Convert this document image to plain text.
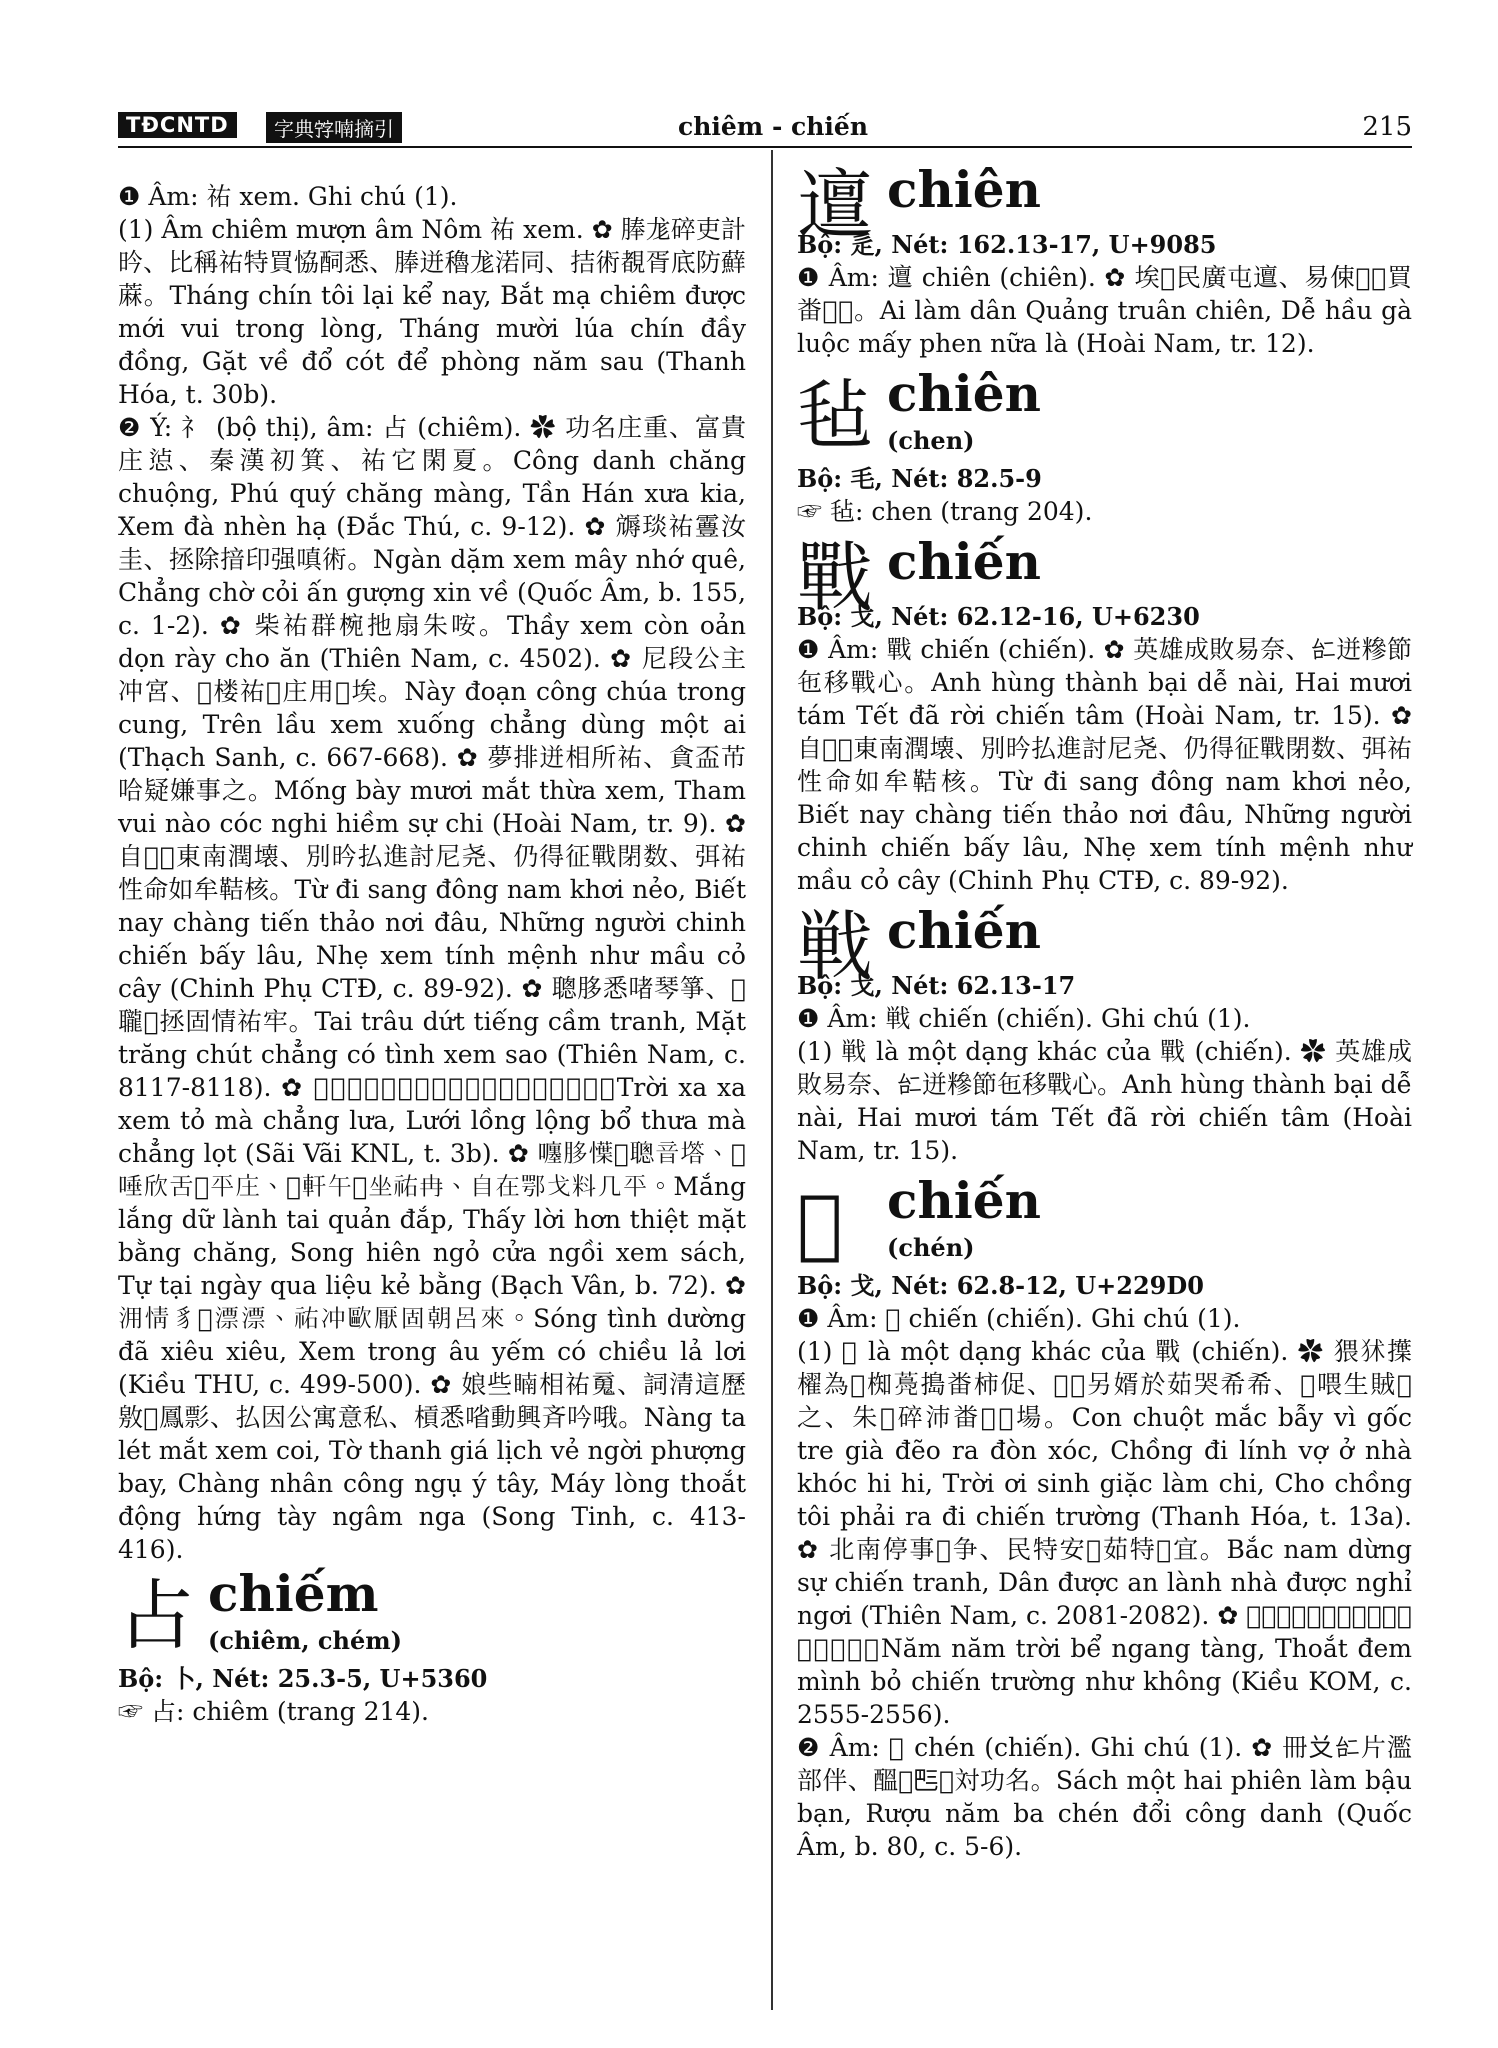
TĐCNTD	字典𡨸喃摘引	chiêm - chiến	215

❶ Âm: 祐 xem. Ghi chú (1).

(1) Âm chiêm mượn âm Nôm 祐 xem. ✿ 䏾尨碎吏計昑、比稱祐特買恊䣳悉、䏾迸穭尨渃同、拮術覩胥底防蘚蔴。Tháng chín tôi lại kể nay, Bắt mạ chiêm được mới vui trong lòng, Tháng mười lúa chín đầy đồng, Gặt về đổ cót để phòng năm sau (Thanh Hóa, t. 30b).

❷ Ý: 礻 (bộ thị), âm: 占 (chiêm). ✿ 功名庄重、富貴庄惉、秦漢初箕、祐它閑夏。Công danh chăng chuộng, Phú quý chăng màng, Tần Hán xưa kia, Xem đà nhèn hạ (Đắc Thú, c. 9-12). ✿ 䢇琰祐霻汝圭、拯除揞印强嗔術。Ngàn dặm xem mây nhớ quê, Chẳng chờ cỏi ấn gượng xin về (Quốc Âm, b. 155, c. 1-2). ✿ 柴祐群椀扡扇朱咹。Thầy xem còn oản dọn rày cho ăn (Thiên Nam, c. 4502). ✿ 尼段公主冲宮、𨕭楼祐𠀲庄用𠬠埃。Này đoạn công chúa trong cung, Trên lầu xem xuống chẳng dùng một ai (Thạch Sanh, c. 667-668). ✿ 夢排迸相所祐、貪盃芇哈疑嫌事之。Mống bày mươi mắt thừa xem, Tham vui nào cóc nghi hiềm sự chi (Hoài Nam, tr. 9). ✿ 自𧼋𨖅東南潤壊、別昑払進討尼尧、仍得征戰閉数、弭祐性命如牟鞊核。Từ đi sang đông nam khơi nẻo, Biết nay chàng tiến thảo nơi đâu, Những người chinh chiến bấy lâu, Nhẹ xem tính mệnh như mầu cỏ cây (Chinh Phụ CTĐ, c. 89-92). ✿ 聰䏧悉啫琴箏、𪵅䏊𦛿拯固情祐牢。Tai trâu dứt tiếng cầm tranh, Mặt trăng chút chẳng có tình xem sao (Thiên Nam, c. 8117-8118). ✿ 𡗶賖賖祐𤊧麻庄𢥈、綑𣳔𣳔𥹰踈麻庄𠻀。Trời xa xa xem tỏ mà chẳng lưa, Lưới lồng lộng bổ thưa mà chẳng lọt (Sãi Vãi KNL, t. 3b). ✿ 𡃚䏧𢢲𤀖聰音㙮、𠓀唾欣舌𪵅平庄、𡫡軒午𠛌坐祐冉、自在鄂戈料几平。Mắng lắng dữ lành tai quản đắp, Thấy lời hơn thiệt mặt bằng chăng, Song hiên ngỏ cửa ngồi xem sách, Tự tại ngày qua liệu kẻ bằng (Bạch Vân, b. 72). ✿ 𣳔情豸𢴑漂漂、祐冲歐厭固朝呂來。Sóng tình dường đã xiêu xiêu, Xem trong âu yếm có chiều lả lơi (Kiều THU, c. 499-500). ✿ 娘些𥈶相祐䰟、詞清這歷敫𤇊鳳彯、払因公寓意私、槓悉㗂動興斉吟哦。Nàng ta lét mắt xem coi, Tờ thanh giá lịch vẻ ngời phượng bay, Chàng nhân công ngụ ý tây, Máy lòng thoắt động hứng tày ngâm nga (Song Tinh, c. 413-416).

占 chiếm
(chiêm, chém)

Bộ: 卜, Nét: 25.3-5, U+5360

☞ 占: chiêm (trang 214).

邅 chiên

Bộ: 辵, Nét: 162.13-17, U+9085

❶ Âm: 邅 chiên (chiên). ✿ 埃𡗉民廣屯邅、易㑛𪃿𤑟買畨𢀭𡀍。Ai làm dân Quảng truân chiên, Dễ hầu gà luộc mấy phen nữa là (Hoài Nam, tr. 12).

毡 chiên
(chen)

Bộ: 毛, Nét: 82.5-9

☞ 毡: chen (trang 204).

戰 chiến

Bộ: 戈, Nét: 62.12-16, U+6230

❶ Âm: 戰 chiến (chiến). ✿ 英雄成敗易奈、𠄩迸糝節㐌移戰心。Anh hùng thành bại dễ nài, Hai mươi tám Tết đã rời chiến tâm (Hoài Nam, tr. 15). ✿ 自𧼋𨖅東南潤壊、別昑払進討尼尧、仍得征戰閉数、弭祐性命如牟鞊核。Từ đi sang đông nam khơi nẻo, Biết nay chàng tiến thảo nơi đâu, Những người chinh chiến bấy lâu, Nhẹ xem tính mệnh như mầu cỏ cây (Chinh Phụ CTĐ, c. 89-92).

戦 chiến

Bộ: 戈, Nét: 62.13-17

❶ Âm: 戦 chiến (chiến). Ghi chú (1).

(1) 戦 là một dạng khác của 戰 (chiến). ✿ 英雄成敗易奈、𠄩迸糝節㐌移戰心。Anh hùng thành bại dễ nài, Hai mươi tám Tết đã rời chiến tâm (Hoài Nam, tr. 15).

𢧐 chiến
(chén)

Bộ: 戈, Nét: 62.8-12, U+229D0

❶ Âm: 𢧐 chiến (chiến). Ghi chú (1).

(1) 𢧐 là một dạng khác của 戰 (chiến). ✿ 猥𤝞擛櫂為𣘃椥𦽏搗畨柿促、𦠘𧼋另婿於茹哭希希、𡗶喂生賊𠇮之、朱𦠘碎沛畨𧼋𢧐場。Con chuột mắc bẫy vì gốc tre già đẽo ra đòn xóc, Chồng đi lính vợ ở nhà khóc hi hi, Trời ơi sinh giặc làm chi, Cho chồng tôi phải ra đi chiến trường (Thanh Hóa, t. 13a). ✿ 北南停事𢧐争、民特安𡎢茹特𢬣宜。Bắc nam dừng sự chiến tranh, Dân được an lành nhà được nghỉ ngơi (Thiên Nam, c. 2081-2082). ✿ 𢆥𢆥𡗶𣷭昂藏、𠳨挠命補𢧐場如空。Năm năm trời bể ngang tàng, Thoắt đem mình bỏ chiến trường như không (Kiều KOM, c. 2555-2556).

❷ Âm: 𢧐 chén (chiến). Ghi chú (1). ✿ 冊𠬠𠄩片濫部伴、醞𢆥𠀧𢧐対功名。Sách một hai phiên làm bậu bạn, Rượu năm ba chén đổi công danh (Quốc Âm, b. 80, c. 5-6).
